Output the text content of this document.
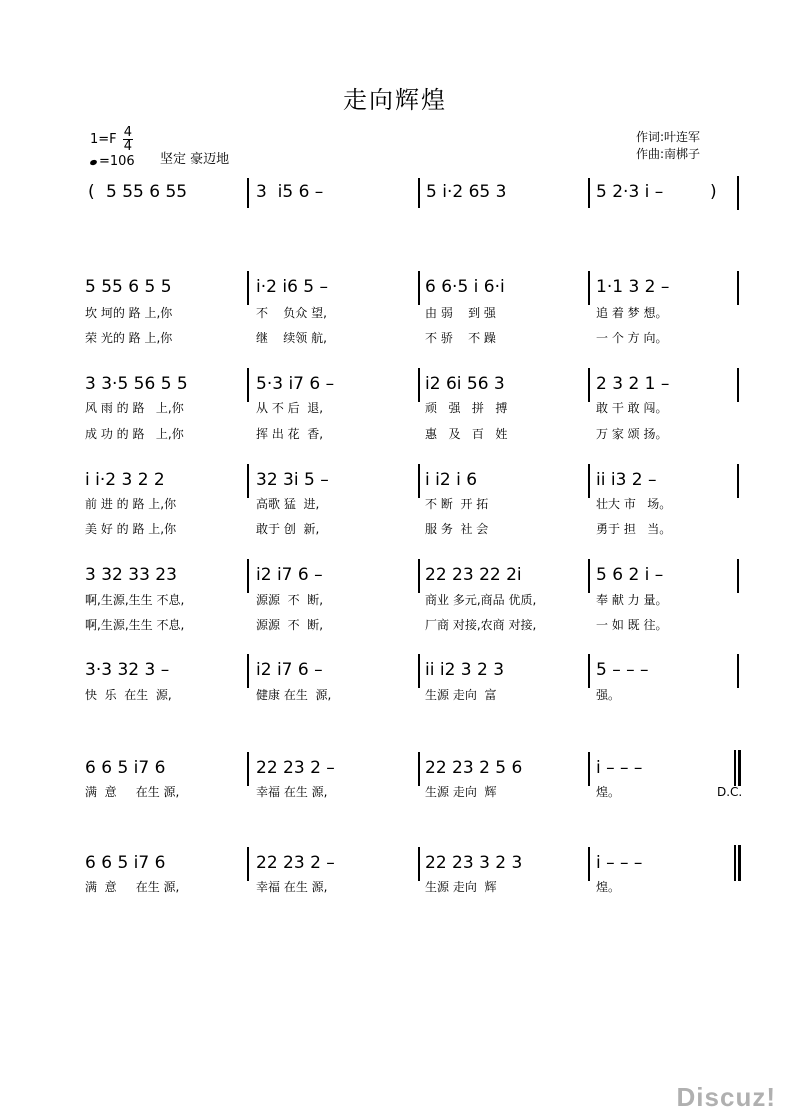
走向辉煌
$1=F \frac{4}{4}$
=106 坚定 豪迈地
作词:叶连军
作曲:南梆子
( 5 55 6 55	3  i5 6 –	5 i·2 65 3	5 2·3 i –	)
5 55 6 5 5	i·2 i6 5 –	6 6·5 i 6·i	1·1 3 2 –
坎 坷的 路 上,你	不    负众 望,	由 弱    到 强	追 着 梦 想。
荣 光的 路 上,你	继    续领 航,	不 骄    不 躁	一 个 方 向。
3 3·5 56 5 5	5·3 i7 6 –	i2 6i 56 3	2 3 2 1 –
风 雨 的 路   上,你	从 不 后  退,	顽   强   拼   搏	敢 干 敢 闯。
成 功 的 路   上,你	挥 出 花  香,	惠   及   百   姓	万 家 颂 扬。
i i·2 3 2 2	32 3i 5 –	i i2 i 6	ii i3 2 –
前 进 的 路 上,你	高歌 猛  进,	不 断  开 拓	壮大 市   场。
美 好 的 路 上,你	敢于 创  新,	服 务  社 会	勇于 担   当。
3 32 33 23	i2 i7 6 –	22 23 22 2i	5 6 2 i –
啊,生源,生生 不息,	源源  不  断,	商业 多元,商品 优质,	奉 献 力 量。
啊,生源,生生 不息,	源源  不  断,	厂商 对接,农商 对接,	一 如 既 往。
3·3 32 3 –	i2 i7 6 –	ii i2 3 2 3	5 – – –
快  乐  在生  源,	健康 在生  源,	生源 走向  富	强。
6 6 5 i7 6	22 23 2 –	22 23 2 5 6	i – – –
满  意     在生 源,	幸福 在生 源,	生源 走向  辉	煌。	D.C.
6 6 5 i7 6	22 23 2 –	22 23 3 2 3	i – – –
满  意     在生 源,	幸福 在生 源,	生源 走向  辉	煌。
Discuz!
